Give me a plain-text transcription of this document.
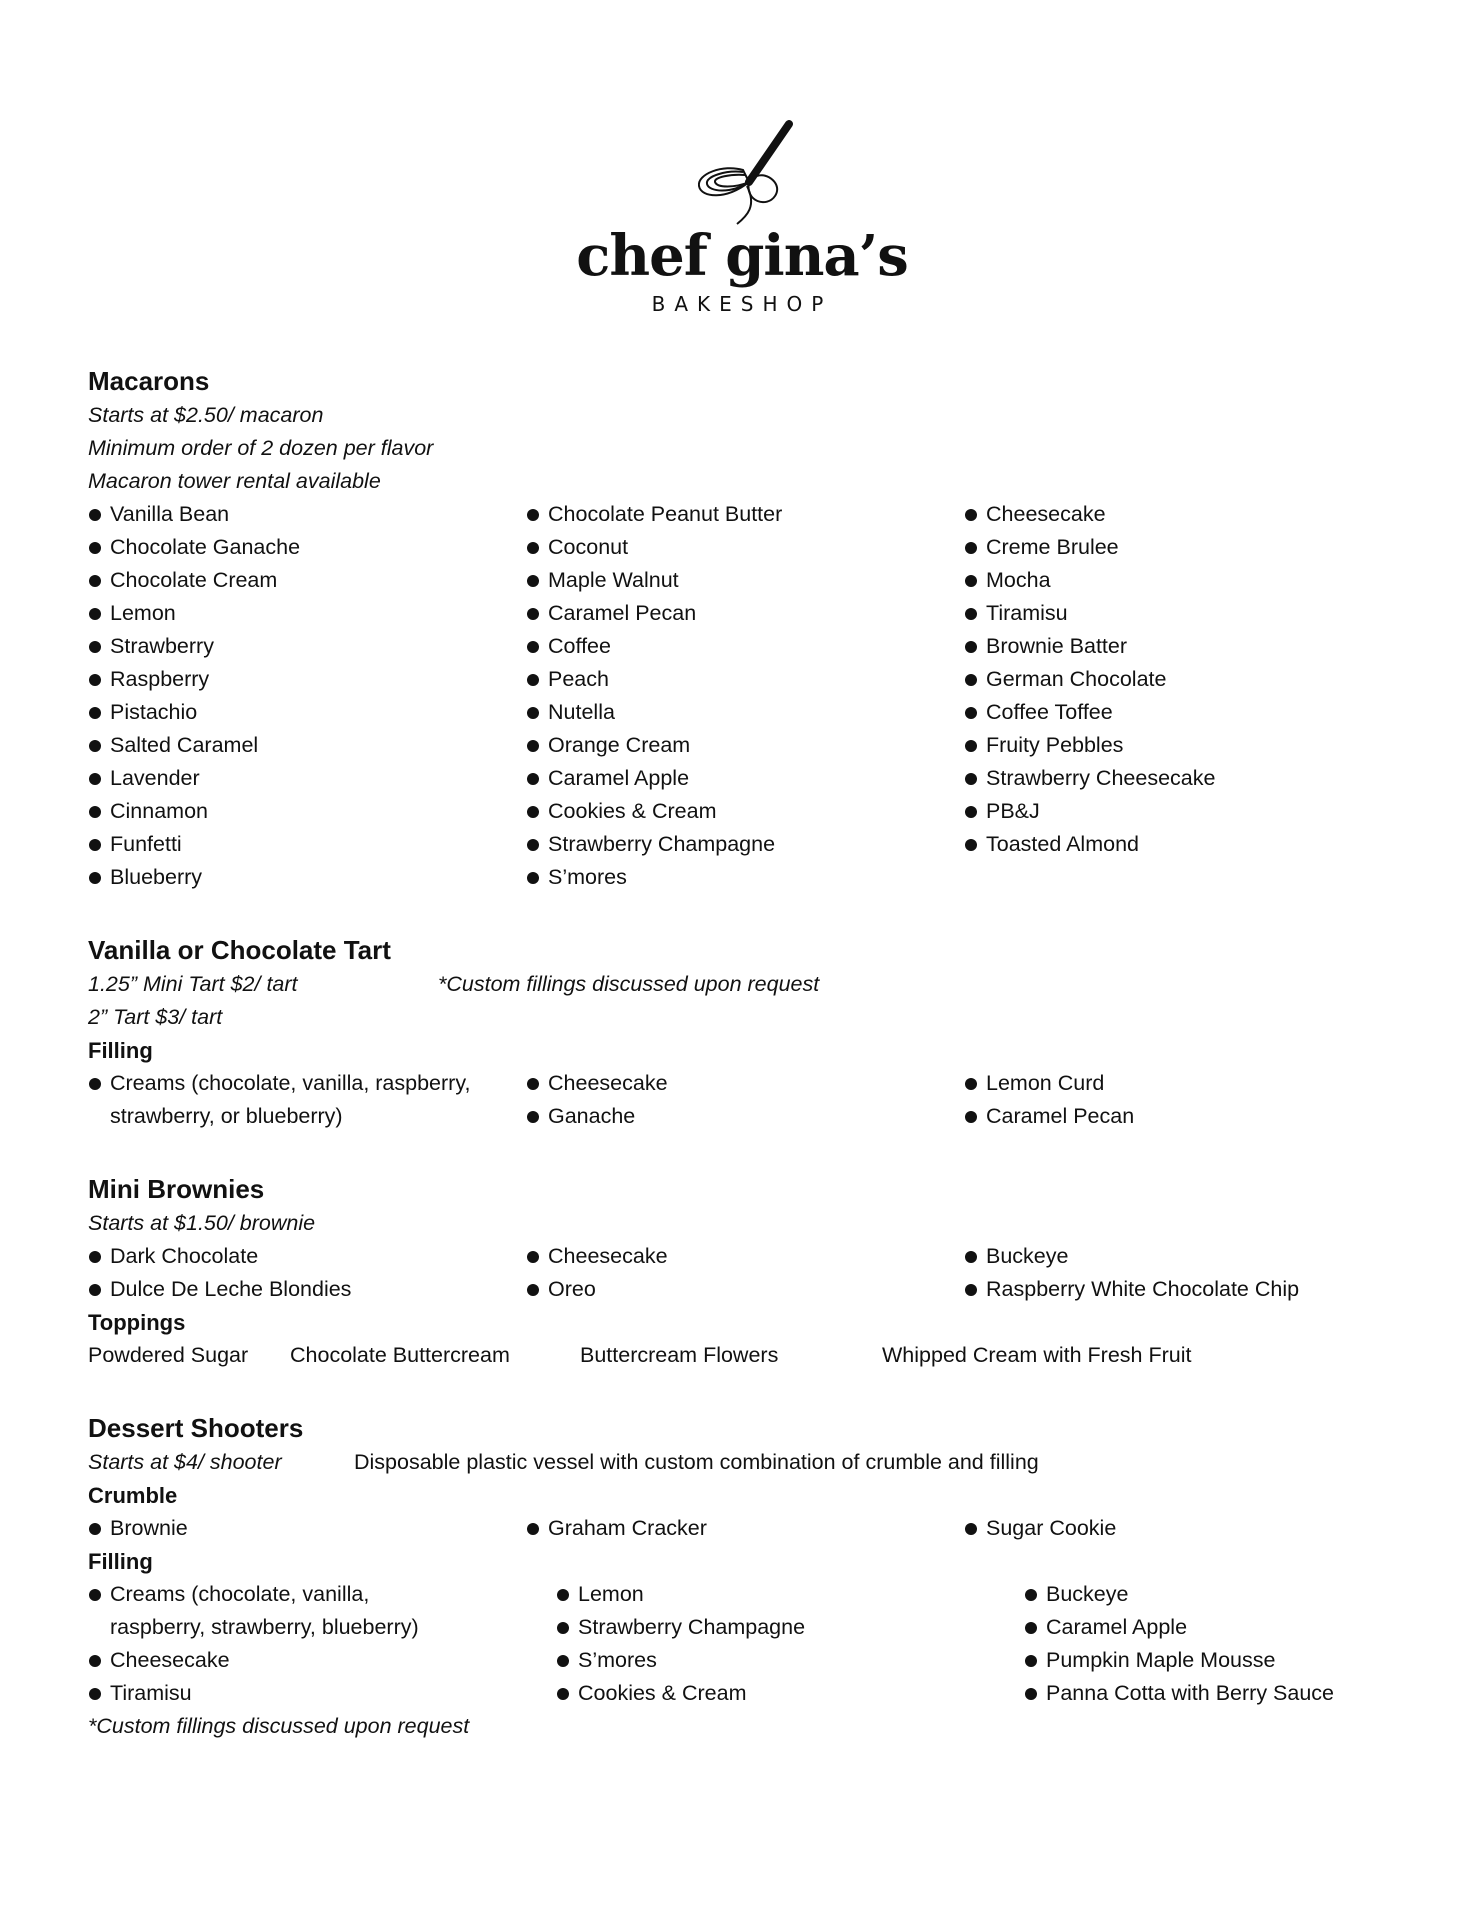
chef gina’s
BAKESHOP
Macarons
Starts at $2.50/ macaron
Minimum order of 2 dozen per flavor
Macaron tower rental available
Vanilla Bean
Chocolate Ganache
Chocolate Cream
Lemon
Strawberry
Raspberry
Pistachio
Salted Caramel
Lavender
Cinnamon
Funfetti
Blueberry
Chocolate Peanut Butter
Coconut
Maple Walnut
Caramel Pecan
Coffee
Peach
Nutella
Orange Cream
Caramel Apple
Cookies & Cream
Strawberry Champagne
S’mores
Cheesecake
Creme Brulee
Mocha
Tiramisu
Brownie Batter
German Chocolate
Coffee Toffee
Fruity Pebbles
Strawberry Cheesecake
PB&J
Toasted Almond
Vanilla or Chocolate Tart
1.25” Mini Tart $2/ tart	*Custom fillings discussed upon request
2” Tart $3/ tart
Filling
Creams (chocolate, vanilla, raspberry,
strawberry, or blueberry)
Cheesecake
Ganache
Lemon Curd
Caramel Pecan
Mini Brownies
Starts at $1.50/ brownie
Dark Chocolate
Dulce De Leche Blondies
Cheesecake
Oreo
Buckeye
Raspberry White Chocolate Chip
Toppings
Powdered Sugar	Chocolate Buttercream	Buttercream Flowers	Whipped Cream with Fresh Fruit
Dessert Shooters
Starts at $4/ shooter	Disposable plastic vessel with custom combination of crumble and filling
Crumble
Brownie	Graham Cracker	Sugar Cookie
Filling
Creams (chocolate, vanilla,
raspberry, strawberry, blueberry)
Cheesecake
Tiramisu
Lemon
Strawberry Champagne
S’mores
Cookies & Cream
Buckeye
Caramel Apple
Pumpkin Maple Mousse
Panna Cotta with Berry Sauce
*Custom fillings discussed upon request
